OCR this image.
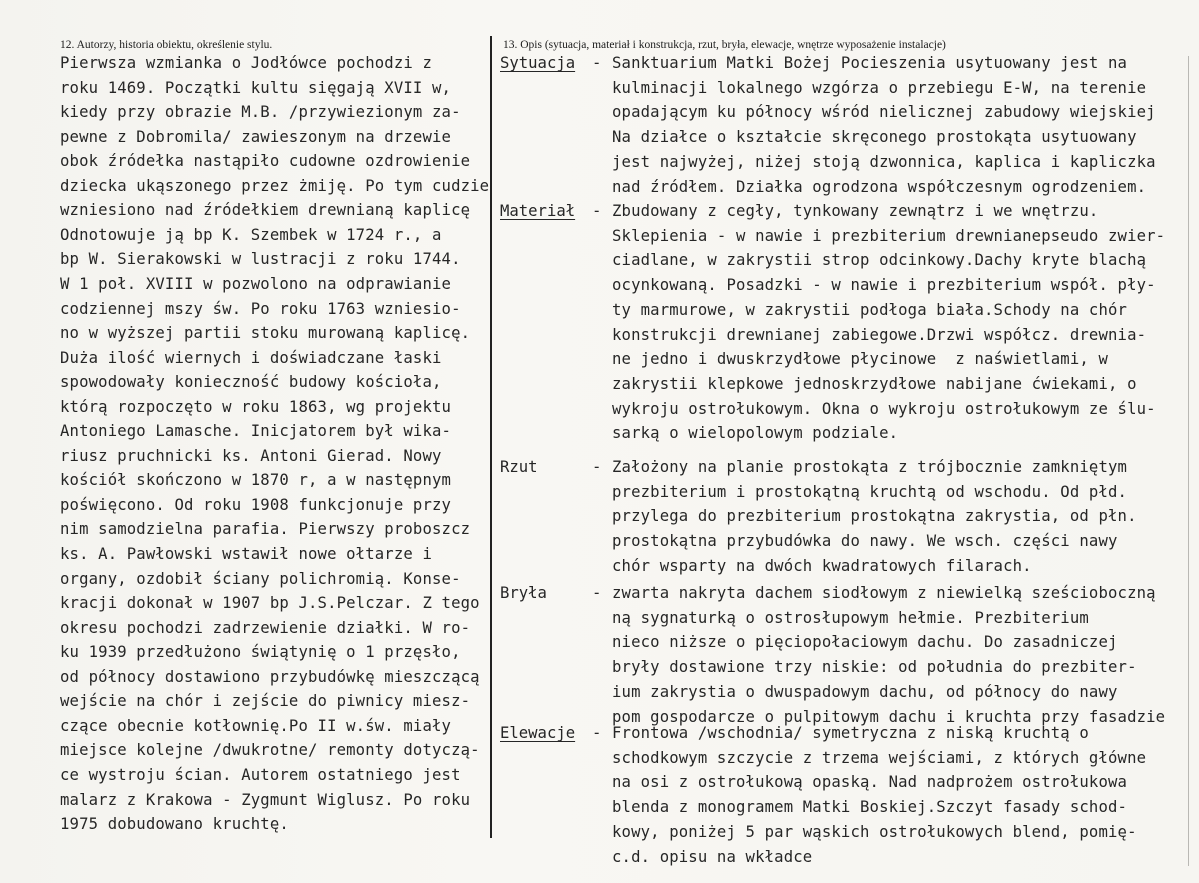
12. Autorzy, historia obiektu, określenie stylu.	13. Opis (sytuacja, materiał i konstrukcja, rzut, bryła, elewacje, wnętrze wyposażenie instalacje)
Pierwsza wzmianka o Jodłówce pochodzi z
roku 1469. Początki kultu sięgają XVII w,
kiedy przy obrazie M.B. /przywiezionym za-
pewne z Dobromila/ zawieszonym na drzewie
obok źródełka nastąpiło cudowne ozdrowienie
dziecka ukąszonego przez żmiję. Po tym cudzie
wzniesiono nad źródełkiem drewnianą kaplicę
Odnotowuje ją bp K. Szembek w 1724 r., a
bp W. Sierakowski w lustracji z roku 1744.
W 1 poł. XVIII w pozwolono na odprawianie
codziennej mszy św. Po roku 1763 wzniesio-
no w wyższej partii stoku murowaną kaplicę.
Duża ilość wiernych i doświadczane łaski
spowodowały konieczność budowy kościoła,
którą rozpoczęto w roku 1863, wg projektu
Antoniego Lamasche. Inicjatorem był wika-
riusz pruchnicki ks. Antoni Gierad. Nowy
kościół skończono w 1870 r, a w następnym
poświęcono. Od roku 1908 funkcjonuje przy
nim samodzielna parafia. Pierwszy proboszcz
ks. A. Pawłowski wstawił nowe ołtarze i
organy, ozdobił ściany polichromią. Konse-
kracji dokonał w 1907 bp J.S.Pelczar. Z tego
okresu pochodzi zadrzewienie działki. W ro-
ku 1939 przedłużono świątynię o 1 przęsło,
od północy dostawiono przybudówkę mieszczącą
wejście na chór i zejście do piwnicy miesz-
czące obecnie kotłownię.Po II w.św. miały
miejsce kolejne /dwukrotne/ remonty dotyczą-
ce wystroju ścian. Autorem ostatniego jest
malarz z Krakowa - Zygmunt Wiglusz. Po roku
1975 dobudowano kruchtę.
Sytuacja - Sanktuarium Matki Bożej Pocieszenia usytuowany jest na
kulminacji lokalnego wzgórza o przebiegu E-W, na terenie
opadającym ku północy wśród nielicznej zabudowy wiejskiej
Na działce o kształcie skręconego prostokąta usytuowany
jest najwyżej, niżej stoją dzwonnica, kaplica i kapliczka
nad źródłem. Działka ogrodzona współczesnym ogrodzeniem.
Materiał - Zbudowany z cegły, tynkowany zewnątrz i we wnętrzu.
Sklepienia - w nawie i prezbiterium drewnianepseudo zwier-
ciadlane, w zakrystii strop odcinkowy.Dachy kryte blachą
ocynkowaną. Posadzki - w nawie i prezbiterium współ. pły-
ty marmurowe, w zakrystii podłoga biała.Schody na chór
konstrukcji drewnianej zabiegowe.Drzwi współcz. drewnia-
ne jedno i dwuskrzydłowe płycinowe  z naświetlami, w
zakrystii klepkowe jednoskrzydłowe nabijane ćwiekami, o
wykroju ostrołukowym. Okna o wykroju ostrołukowym ze ślu-
sarką o wielopolowym podziale.
Rzut	- Założony na planie prostokąta z trójbocznie zamkniętym
prezbiterium i prostokątną kruchtą od wschodu. Od płd.
przylega do prezbiterium prostokątna zakrystia, od płn.
prostokątna przybudówka do nawy. We wsch. części nawy
chór wsparty na dwóch kwadratowych filarach.
Bryła	- zwarta nakryta dachem siodłowym z niewielką sześcioboczną
ną sygnaturką o ostrosłupowym hełmie. Prezbiterium
nieco niższe o pięciopołaciowym dachu. Do zasadniczej
bryły dostawione trzy niskie: od południa do prezbiter-
ium zakrystia o dwuspadowym dachu, od północy do nawy
pom gospodarcze o pulpitowym dachu i kruchta przy fasadzie
Elewacje - Frontowa /wschodnia/ symetryczna z niską kruchtą o
schodkowym szczycie z trzema wejściami, z których główne
na osi z ostrołukową opaską. Nad nadprożem ostrołukowa
blenda z monogramem Matki Boskiej.Szczyt fasady schod-
kowy, poniżej 5 par wąskich ostrołukowych blend, pomię-
c.d. opisu na wkładce
